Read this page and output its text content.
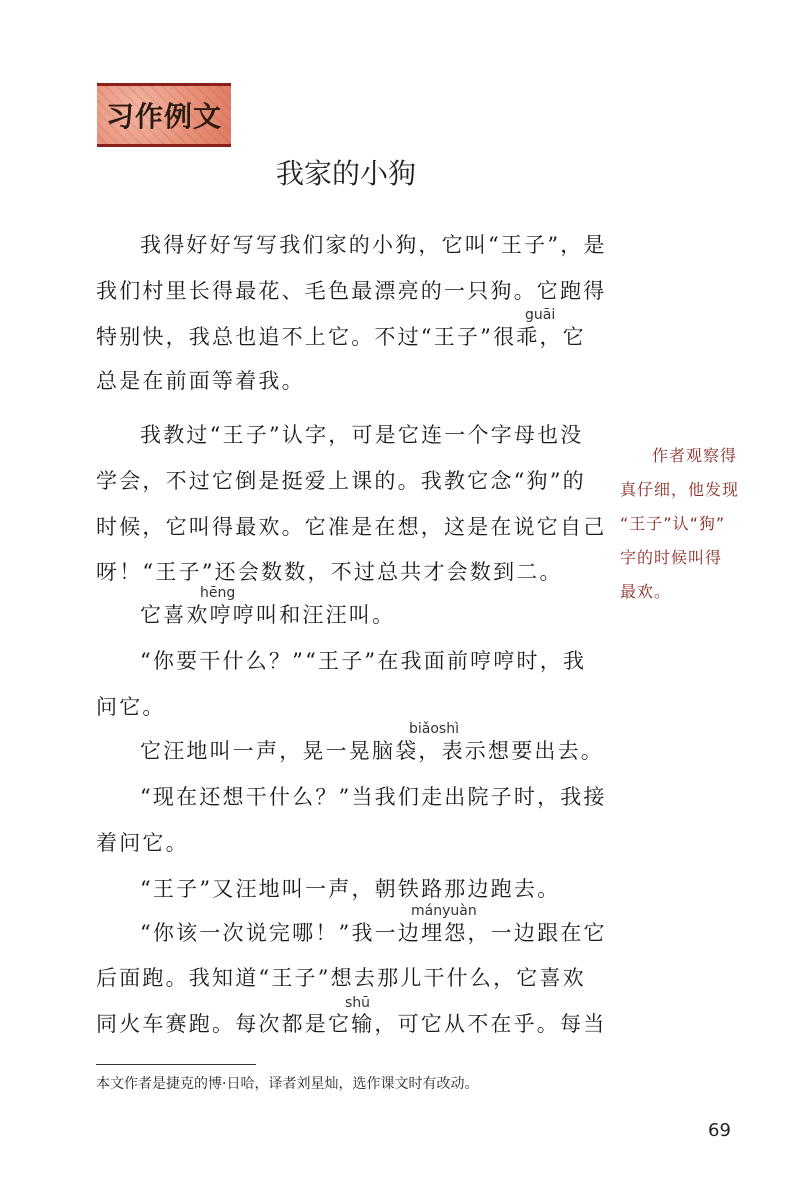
习作例文
我家的小狗
我得好好写写我们家的小狗，它叫“王子”，是
我们村里长得最花、毛色最漂亮的一只狗。它跑得
guāi
特别快，我总也追不上它。不过“王子”很乖，它
总是在前面等着我。
我教过“王子”认字，可是它连一个字母也没
学会，不过它倒是挺爱上课的。我教它念“狗”的
时候，它叫得最欢。它准是在想，这是在说它自己
呀！“王子”还会数数，不过总共才会数到二。
hēng
它喜欢哼哼叫和汪汪叫。
“你要干什么？”“王子”在我面前哼哼时，我
问它。
biǎoshì
它汪地叫一声，晃一晃脑袋，表示想要出去。
“现在还想干什么？”当我们走出院子时，我接
着问它。
“王子”又汪地叫一声，朝铁路那边跑去。
mányuàn
“你该一次说完哪！”我一边埋怨，一边跟在它
后面跑。我知道“王子”想去那儿干什么，它喜欢
shū
同火车赛跑。每次都是它输，可它从不在乎。每当
作者观察得
真仔细，他发现
“王子”认“狗”
字的时候叫得
最欢。
本文作者是捷克的博·日哈，译者刘星灿，选作课文时有改动。
69
